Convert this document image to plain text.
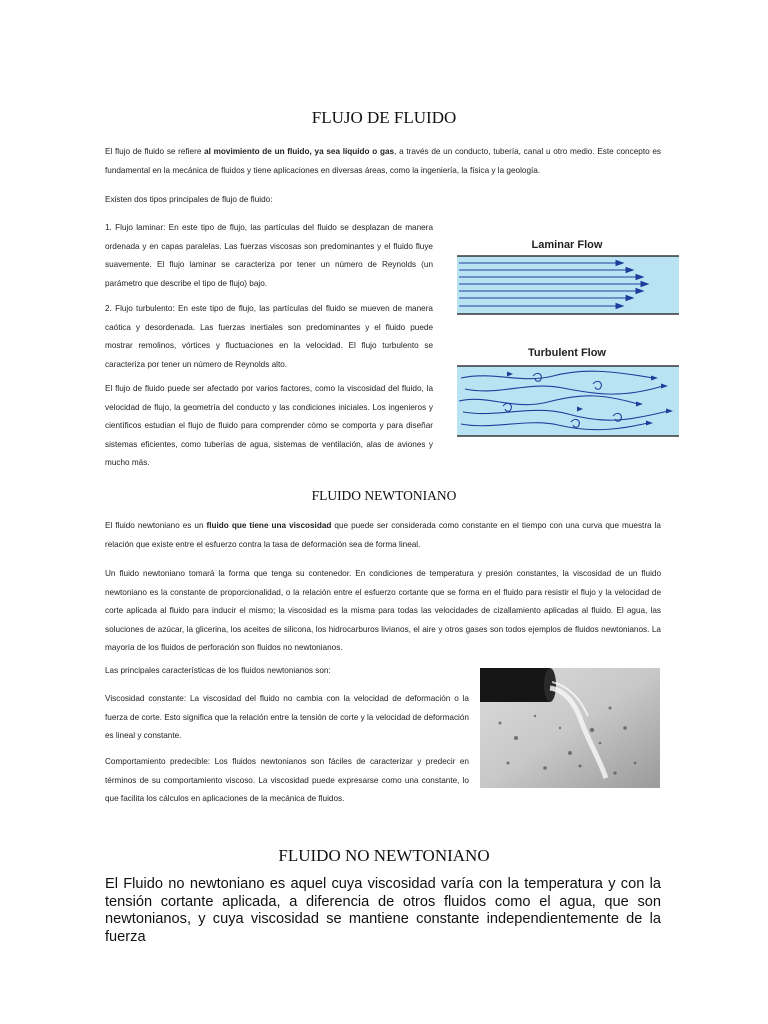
FLUJO DE FLUIDO

El flujo de fluido se refiere al movimiento de un fluido, ya sea líquido o gas, a través de un conducto, tubería, canal u otro medio. Este concepto es fundamental en la mecánica de fluidos y tiene aplicaciones en diversas áreas, como la ingeniería, la física y la geología.

Existen dos tipos principales de flujo de fluido:

1. Flujo laminar: En este tipo de flujo, las partículas del fluido se desplazan de manera ordenada y en capas paralelas. Las fuerzas viscosas son predominantes y el fluido fluye suavemente. El flujo laminar se caracteriza por tener un número de Reynolds (un parámetro que describe el tipo de flujo) bajo.

2. Flujo turbulento: En este tipo de flujo, las partículas del fluido se mueven de manera caótica y desordenada. Las fuerzas inertiales son predominantes y el fluido puede mostrar remolinos, vórtices y fluctuaciones en la velocidad. El flujo turbulento se caracteriza por tener un número de Reynolds alto.

El flujo de fluido puede ser afectado por varios factores, como la viscosidad del fluido, la velocidad de flujo, la geometría del conducto y las condiciones iniciales. Los ingenieros y científicos estudian el flujo de fluido para comprender cómo se comporta y para diseñar sistemas eficientes, como tuberías de agua, sistemas de ventilación, alas de aviones y mucho más.

Laminar Flow
Turbulent Flow
FLUIDO NEWTONIANO

El fluido newtoniano es un fluido que tiene una viscosidad que puede ser considerada como constante en el tiempo con una curva que muestra la relación que existe entre el esfuerzo contra la tasa de deformación sea de forma lineal.

Un fluido newtoniano tomará la forma que tenga su contenedor. En condiciones de temperatura y presión constantes, la viscosidad de un fluido newtoniano es la constante de proporcionalidad, o la relación entre el esfuerzo cortante que se forma en el fluido para resistir el flujo y la velocidad de corte aplicada al fluido para inducir el mismo; la viscosidad es la misma para todas las velocidades de cizallamiento aplicadas al fluido. El agua, las soluciones de azúcar, la glicerina, los aceites de silicona, los hidrocarburos livianos, el aire y otros gases son todos ejemplos de fluidos newtonianos. La mayoría de los fluidos de perforación son fluidos no newtonianos.

Las principales características de los fluidos newtonianos son:

Viscosidad constante: La viscosidad del fluido no cambia con la velocidad de deformación o la fuerza de corte. Esto significa que la relación entre la tensión de corte y la velocidad de deformación es lineal y constante.

Comportamiento predecible: Los fluidos newtonianos son fáciles de caracterizar y predecir en términos de su comportamiento viscoso. La viscosidad puede expresarse como una constante, lo que facilita los cálculos en aplicaciones de la mecánica de fluidos.

FLUIDO NO NEWTONIANO

El Fluido no newtoniano es aquel cuya viscosidad varía con la temperatura y con la tensión cortante aplicada, a diferencia de otros fluidos como el agua, que son newtonianos, y cuya viscosidad se mantiene constante independientemente de la fuerza
